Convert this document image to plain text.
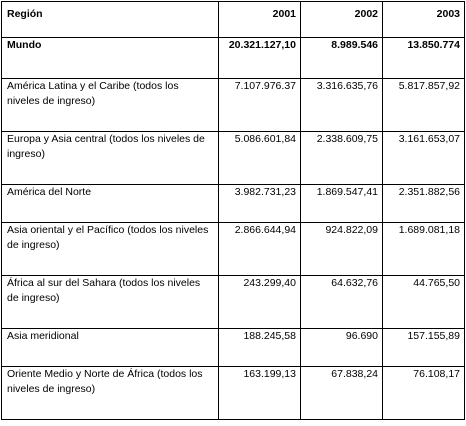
Región	2001	2002	2003
Mundo	20.321.127,10	8.989.546	13.850.774
América Latina y el Caribe (todos los niveles de ingreso)	7.107.976.37	3.316.635,76	5.817.857,92
Europa y Asia central (todos los niveles de ingreso)	5.086.601,84	2.338.609,75	3.161.653,07
América del Norte	3.982.731,23	1.869.547,41	2.351.882,56
Asia oriental y el Pacífico (todos los niveles de ingreso)	2.866.644,94	924.822,09	1.689.081,18
África al sur del Sahara (todos los niveles de ingreso)	243.299,40	64.632,76	44.765,50
Asia meridional	188.245,58	96.690	157.155,89
Oriente Medio y Norte de África (todos los niveles de ingreso)	163.199,13	67.838,24	76.108,17
